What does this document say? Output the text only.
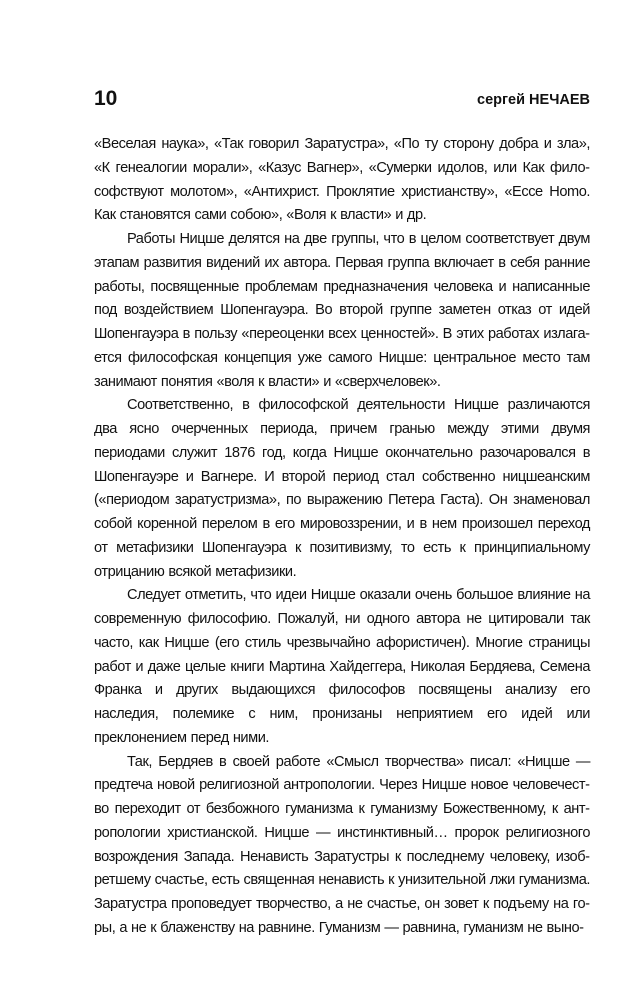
10	сергей НЕЧАЕВ

«Веселая наука», «Так говорил Заратустра», «По ту сторону добра и зла», «К генеалогии морали», «Казус Вагнер», «Сумерки идолов, или Как философствуют молотом», «Антихрист. Проклятие христианству», «Ecce Homo. Как становятся сами собою», «Воля к власти» и др.

Работы Ницше делятся на две группы, что в целом соответствует двум этапам развития видений их автора. Первая группа включает в себя ранние работы, посвященные проблемам предназначения человека и написанные под воздействием Шопенгауэра. Во второй группе заметен отказ от идей Шопенгауэра в пользу «переоценки всех ценностей». В этих работах излагается философская концепция уже самого Ницше: центральное место там занимают понятия «воля к власти» и «сверхчеловек».

Соответственно, в философской деятельности Ницше различаются два ясно очерченных периода, причем гранью между этими двумя периодами служит 1876 год, когда Ницше окончательно разочаровался в Шопенгауэре и Вагнере. И второй период стал собственно ницшеанским («периодом заратустризма», по выражению Петера Гаста). Он знаменовал собой коренной перелом в его мировоззрении, и в нем произошел переход от метафизики Шопенгауэра к позитивизму, то есть к принципиальному отрицанию всякой метафизики.

Следует отметить, что идеи Ницше оказали очень большое влияние на современную философию. Пожалуй, ни одного автора не цитировали так часто, как Ницше (его стиль чрезвычайно афористичен). Многие страницы работ и даже целые книги Мартина Хайдеггера, Николая Бердяева, Семена Франка и других выдающихся философов посвящены анализу его наследия, полемике с ним, пронизаны неприятием его идей или преклонением перед ними.

Так, Бердяев в своей работе «Смысл творчества» писал: «Ницше — предтеча новой религиозной антропологии. Через Ницше новое человечество переходит от безбожного гуманизма к гуманизму Божественному, к антропологии христианской. Ницше — инстинктивный… пророк религиозного возрождения Запада. Ненависть Заратустры к последнему человеку, изобретшему счастье, есть священная ненависть к унизительной лжи гуманизма. Заратустра проповедует творчество, а не счастье, он зовет к подъему на горы, а не к блаженству на равнине. Гуманизм — равнина, гуманизм не выно-
